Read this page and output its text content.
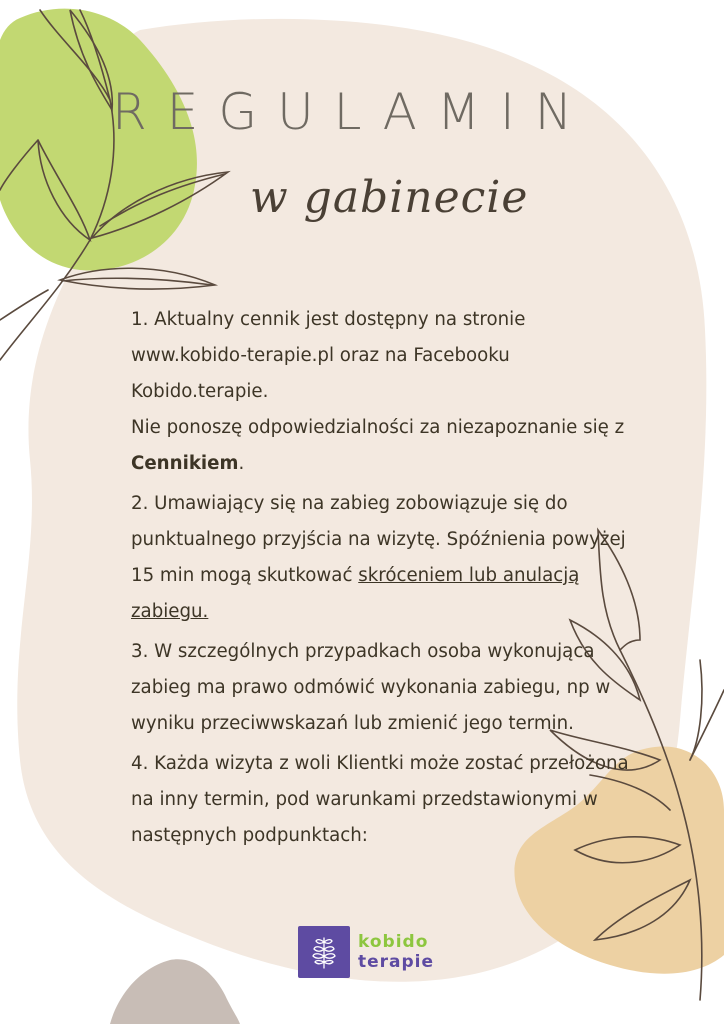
REGULAMIN
w gabinecie

1. Aktualny cennik jest dostępny na stronie www.kobido-terapie.pl oraz na Facebooku Kobido.terapie.

Nie ponoszę odpowiedzialności za niezapoznanie się z Cennikiem.

2. Umawiający się na zabieg zobowiązuje się do punktualnego przyjścia na wizytę. Spóźnienia powyżej 15 min mogą skutkować skróceniem lub anulacją zabiegu.

3. W szczególnych przypadkach osoba wykonująca zabieg ma prawo odmówić wykonania zabiegu, np w wyniku przeciwwskazań lub zmienić jego termin.

4. Każda wizyta z woli Klientki może zostać przełożona na inny termin, pod warunkami przedstawionymi w następnych podpunktach:

kobido
terapie
